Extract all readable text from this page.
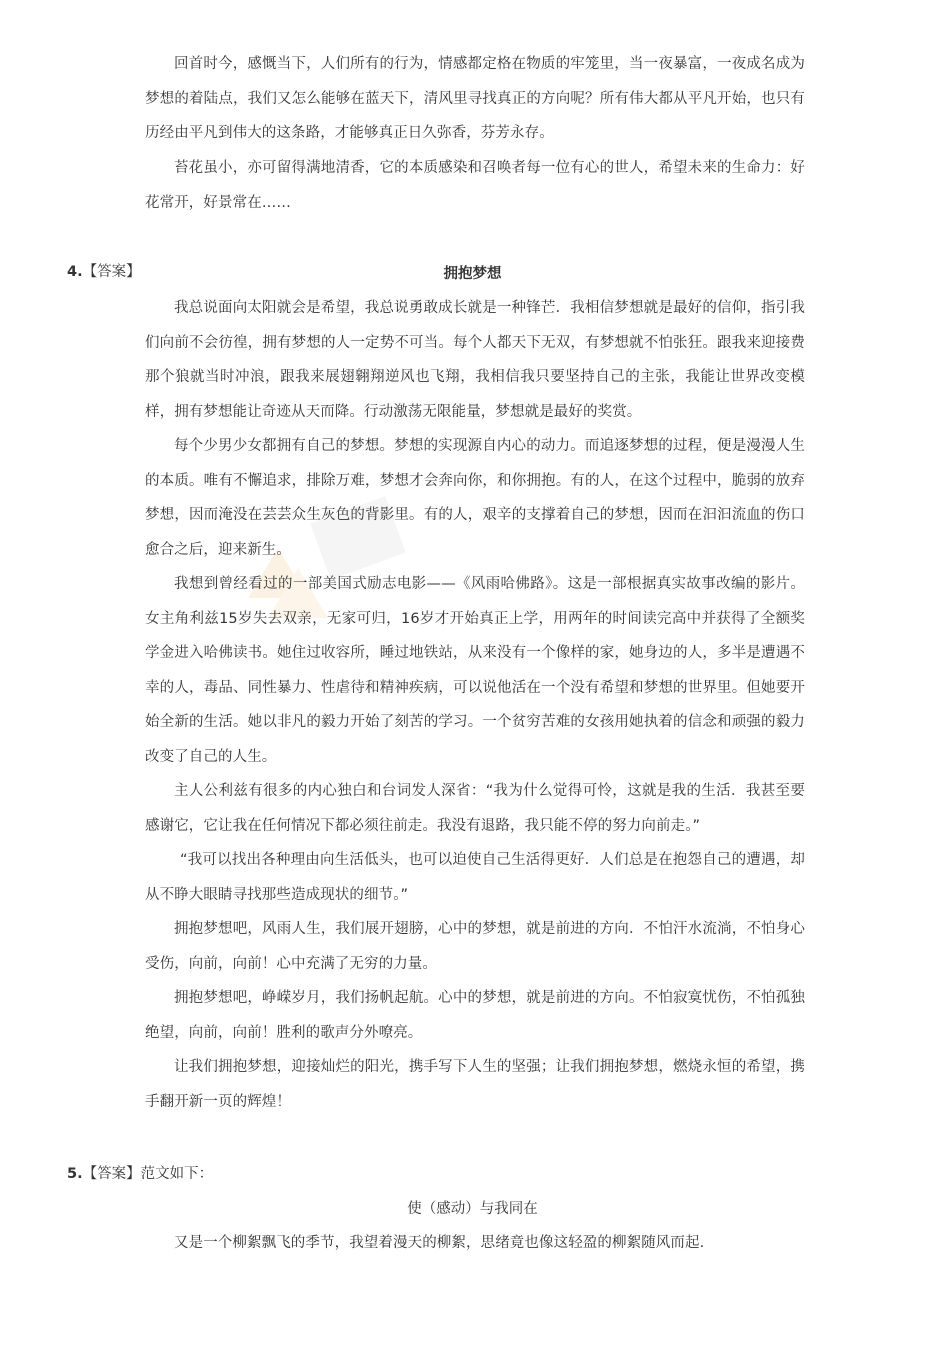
回首时今，感慨当下，人们所有的行为，情感都定格在物质的牢笼里，当一夜暴富，一夜成名成为梦想的着陆点，我们又怎么能够在蓝天下，清风里寻找真正的方向呢？所有伟大都从平凡开始，也只有历经由平凡到伟大的这条路，才能够真正日久弥香，芬芳永存。

苔花虽小，亦可留得满地清香，它的本质感染和召唤者每一位有心的世人，希望未来的生命力：好花常开，好景常在……

4.【答案】	拥抱梦想

我总说面向太阳就会是希望，我总说勇敢成长就是一种锋芒．我相信梦想就是最好的信仰，指引我们向前不会彷徨，拥有梦想的人一定势不可当。每个人都天下无双，有梦想就不怕张狂。跟我来迎接费那个狼就当时冲浪，跟我来展翅翱翔逆风也飞翔，我相信我只要坚持自己的主张，我能让世界改变模样，拥有梦想能让奇迹从天而降。行动激荡无限能量，梦想就是最好的奖赏。

每个少男少女都拥有自己的梦想。梦想的实现源自内心的动力。而追逐梦想的过程，便是漫漫人生的本质。唯有不懈追求，排除万难，梦想才会奔向你，和你拥抱。有的人，在这个过程中，脆弱的放弃梦想，因而淹没在芸芸众生灰色的背影里。有的人，艰辛的支撑着自己的梦想，因而在汩汩流血的伤口愈合之后，迎来新生。

我想到曾经看过的一部美国式励志电影——《风雨哈佛路》。这是一部根据真实故事改编的影片。女主角利兹15岁失去双亲，无家可归，16岁才开始真正上学，用两年的时间读完高中并获得了全额奖学金进入哈佛读书。她住过收容所，睡过地铁站，从来没有一个像样的家，她身边的人，多半是遭遇不幸的人，毒品、同性暴力、性虐待和精神疾病，可以说他活在一个没有希望和梦想的世界里。但她要开始全新的生活。她以非凡的毅力开始了刻苦的学习。一个贫穷苦难的女孩用她执着的信念和顽强的毅力改变了自己的人生。

主人公利兹有很多的内心独白和台词发人深省：“我为什么觉得可怜，这就是我的生活．我甚至要感谢它，它让我在任何情况下都必须往前走。我没有退路，我只能不停的努力向前走。”

“我可以找出各种理由向生活低头，也可以迫使自己生活得更好．人们总是在抱怨自己的遭遇，却从不睁大眼睛寻找那些造成现状的细节。”

拥抱梦想吧，风雨人生，我们展开翅膀，心中的梦想，就是前进的方向．不怕汗水流淌，不怕身心受伤，向前，向前！心中充满了无穷的力量。

拥抱梦想吧，峥嵘岁月，我们扬帆起航。心中的梦想，就是前进的方向。不怕寂寞忧伤，不怕孤独绝望，向前，向前！胜利的歌声分外嘹亮。

让我们拥抱梦想，迎接灿烂的阳光，携手写下人生的坚强；让我们拥抱梦想，燃烧永恒的希望，携手翻开新一页的辉煌！

5.【答案】范文如下：
使（感动）与我同在

又是一个柳絮飘飞的季节，我望着漫天的柳絮，思绪竟也像这轻盈的柳絮随风而起.
